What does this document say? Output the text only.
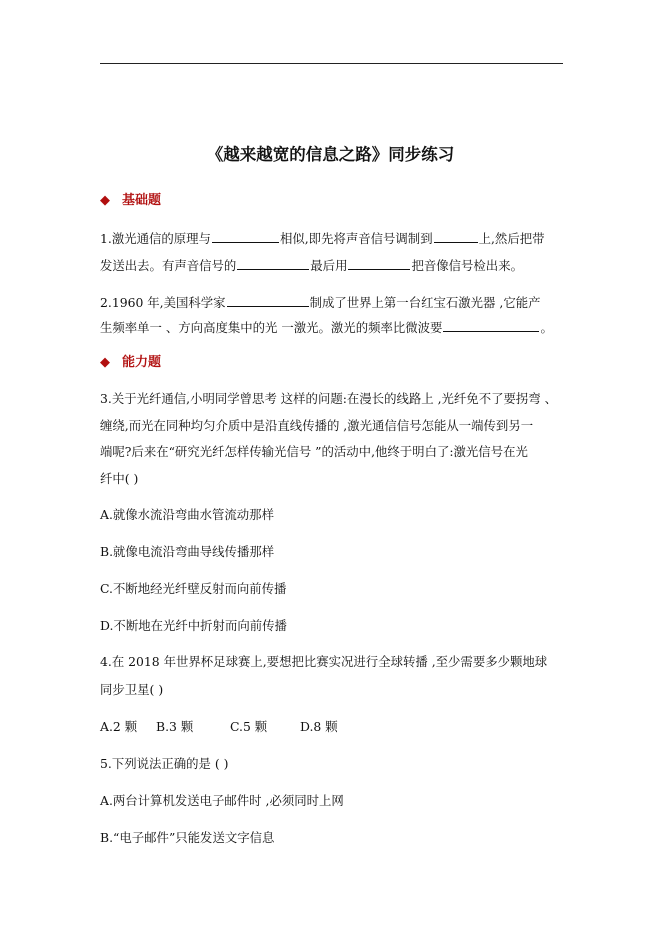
《越来越宽的信息之路》同步练习
◆ 基础题
1.激光通信的原理与	相似,即先将声音信号调制到	上,然后把带
发送出去。有声音信号的	最后用	把音像信号检出来。
2.1960 年,美国科学家	制成了世界上第一台红宝石激光器 ,它能产
生频率单一 、方向高度集中的光 一激光。激光的频率比微波要	。
◆ 能力题
3.关于光纤通信,小明同学曾思考 这样的问题:在漫长的线路上 ,光纤免不了要拐弯 、
缠绕,而光在同种均匀介质中是沿直线传播的 ,激光通信信号怎能从一端传到另一
端呢?后来在“研究光纤怎样传输光信号 ”的活动中,他终于明白了:激光信号在光
纤中( )
A.就像水流沿弯曲水管流动那样
B.就像电流沿弯曲导线传播那样
C.不断地经光纤壁反射而向前传播
D.不断地在光纤中折射而向前传播
4.在 2018 年世界杯足球赛上,要想把比赛实况进行全球转播 ,至少需要多少颗地球
同步卫星( )
A.2 颗 B.3 颗	C.5 颗	D.8 颗
5.下列说法正确的是 ( )
A.两台计算机发送电子邮件时 ,必须同时上网
B.“电子邮件”只能发送文字信息
